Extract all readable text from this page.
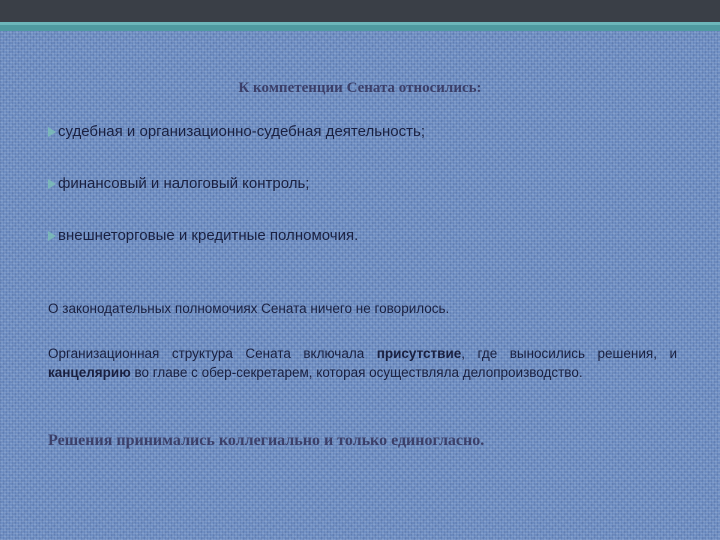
К компетенции Сената относились:
судебная и организационно-судебная деятельность;
финансовый и налоговый контроль;
внешнеторговые и кредитные полномочия.

О законодательных полномочиях Сената ничего не говорилось.

Организационная структура Сената включала присутствие, где выносились решения, и канцелярию во главе с обер-секретарем, которая осуществляла делопроизводство.

Решения принимались коллегиально и только единогласно.
